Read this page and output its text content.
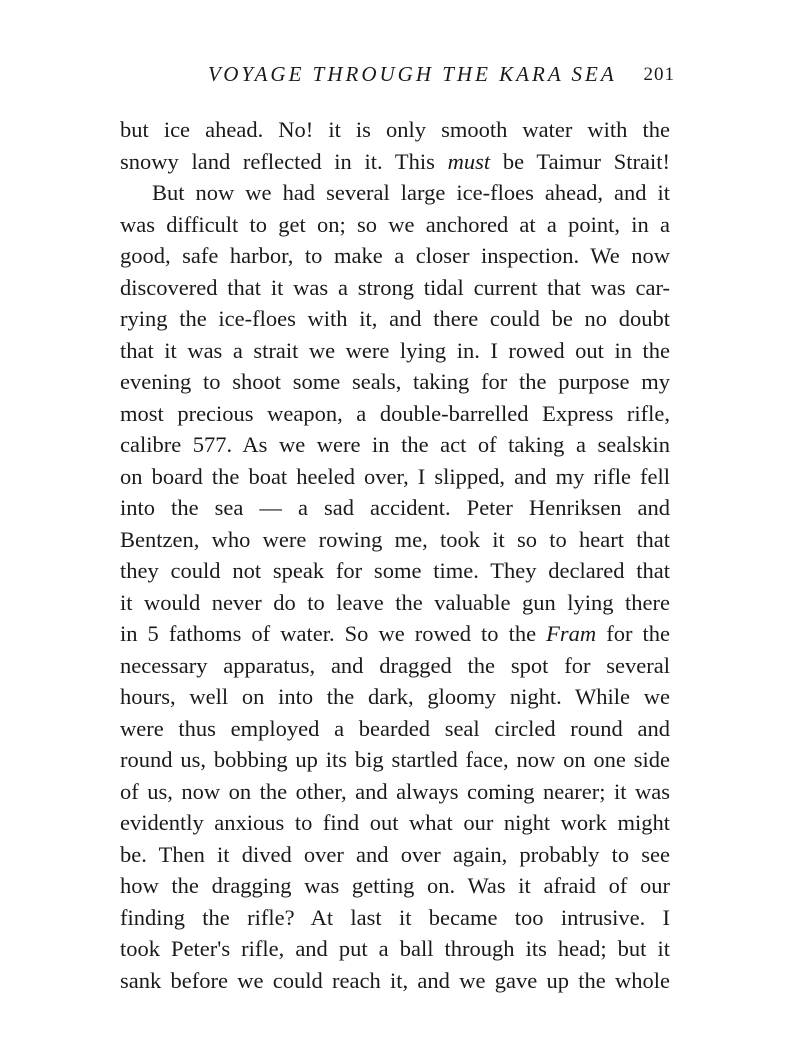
VOYAGE THROUGH THE KARA SEA 201
but ice ahead. No! it is only smooth water with the
snowy land reflected in it. This must be Taimur Strait!
But now we had several large ice-floes ahead, and it
was difficult to get on; so we anchored at a point, in a
good, safe harbor, to make a closer inspection. We now
discovered that it was a strong tidal current that was car-
rying the ice-floes with it, and there could be no doubt
that it was a strait we were lying in. I rowed out in the
evening to shoot some seals, taking for the purpose my
most precious weapon, a double-barrelled Express rifle,
calibre 577. As we were in the act of taking a sealskin
on board the boat heeled over, I slipped, and my rifle fell
into the sea — a sad accident. Peter Henriksen and
Bentzen, who were rowing me, took it so to heart that
they could not speak for some time. They declared that
it would never do to leave the valuable gun lying there
in 5 fathoms of water. So we rowed to the Fram for the
necessary apparatus, and dragged the spot for several
hours, well on into the dark, gloomy night. While we
were thus employed a bearded seal circled round and
round us, bobbing up its big startled face, now on one side
of us, now on the other, and always coming nearer; it was
evidently anxious to find out what our night work might
be. Then it dived over and over again, probably to see
how the dragging was getting on. Was it afraid of our
finding the rifle? At last it became too intrusive. I
took Peter's rifle, and put a ball through its head; but it
sank before we could reach it, and we gave up the whole
